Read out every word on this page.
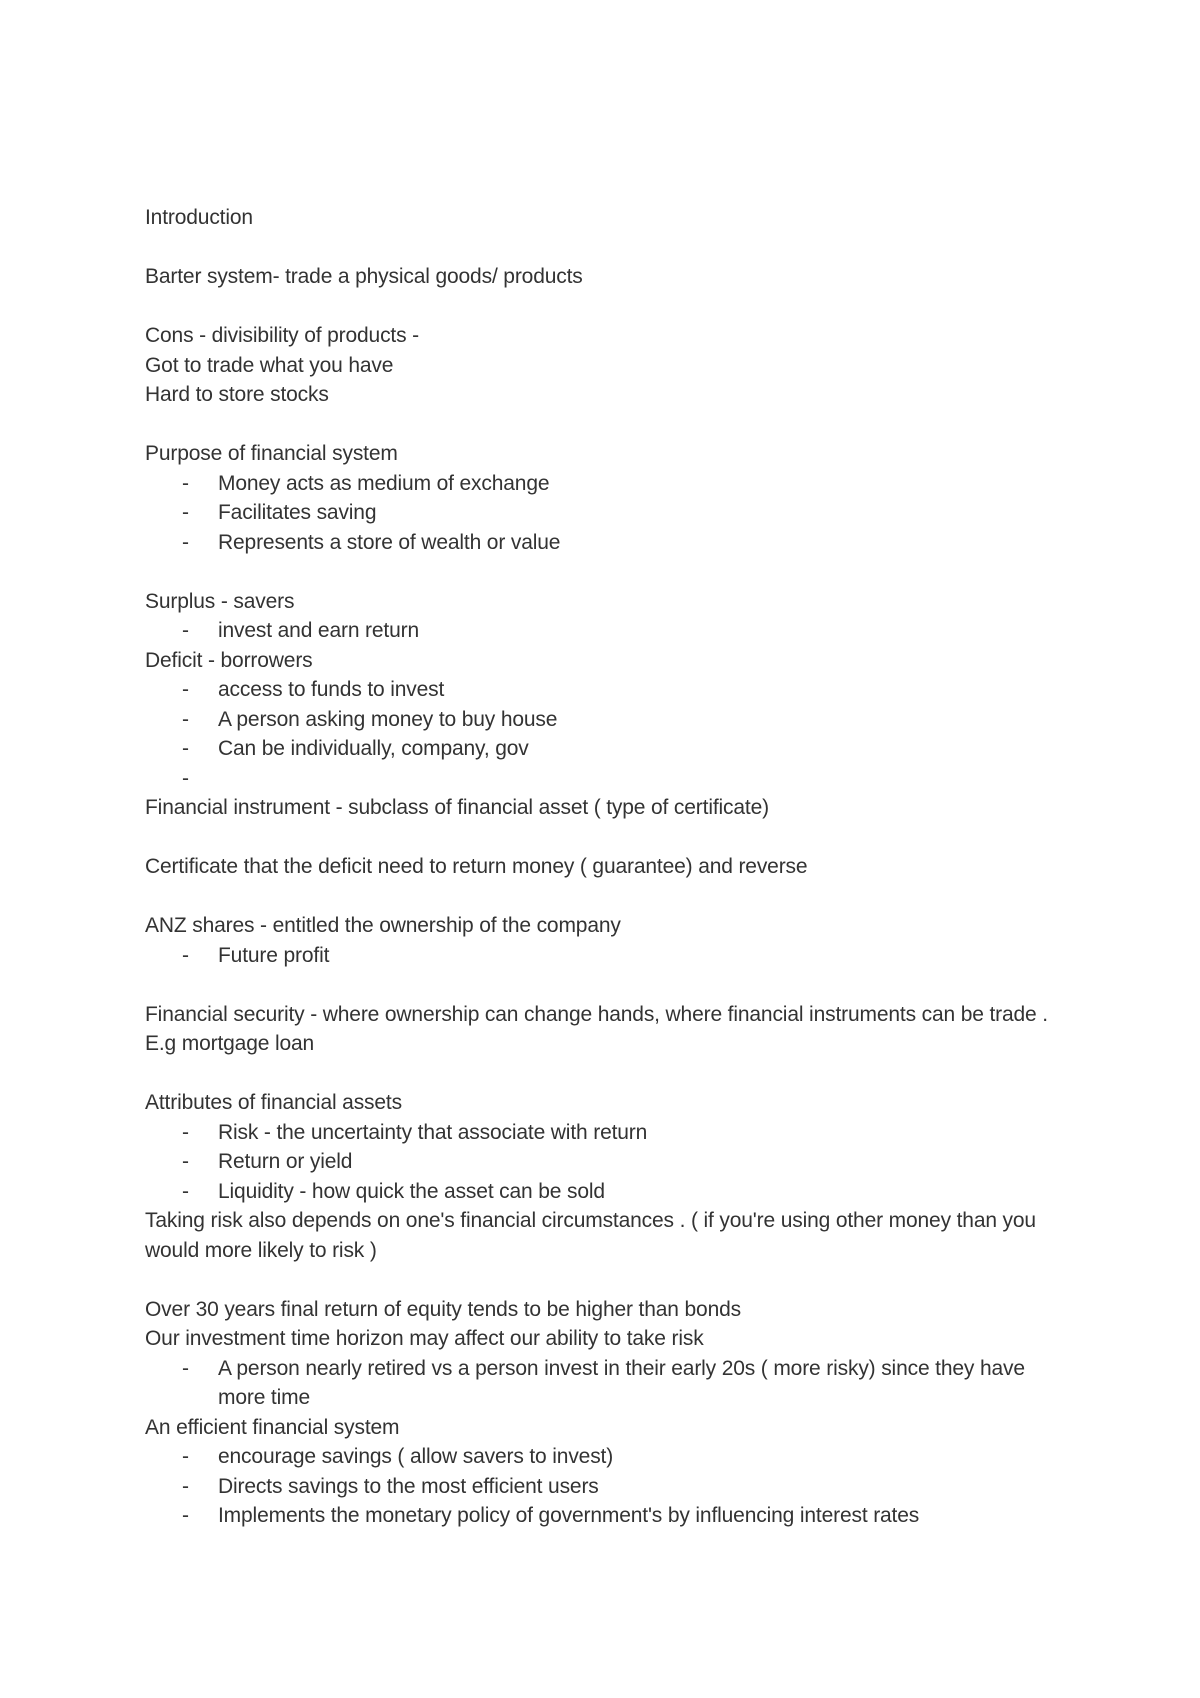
Introduction

Barter system- trade a physical goods/ products

Cons - divisibility of products -

Got to trade what you have

Hard to store stocks

Purpose of financial system

- Money acts as medium of exchange

- Facilitates saving

- Represents a store of wealth or value

Surplus - savers

- invest and earn return

Deficit - borrowers

- access to funds to invest

- A person asking money to buy house

- Can be individually, company, gov

-

Financial instrument - subclass of financial asset ( type of certificate)

Certificate that the deficit need to return money ( guarantee) and reverse

ANZ shares - entitled the ownership of the company

- Future profit

Financial security - where ownership can change hands, where financial instruments can be trade . E.g mortgage loan

Attributes of financial assets

- Risk - the uncertainty that associate with return

- Return or yield

- Liquidity - how quick the asset can be sold

Taking risk also depends on one's financial circumstances . ( if you're using other money than you would more likely to risk )

Over 30 years final return of equity tends to be higher than bonds

Our investment time horizon may affect our ability to take risk

- A person nearly retired vs a person invest in their early 20s ( more risky) since they have more time

An efficient financial system

- encourage savings ( allow savers to invest)

- Directs savings to the most efficient users

- Implements the monetary policy of government's by influencing interest rates
